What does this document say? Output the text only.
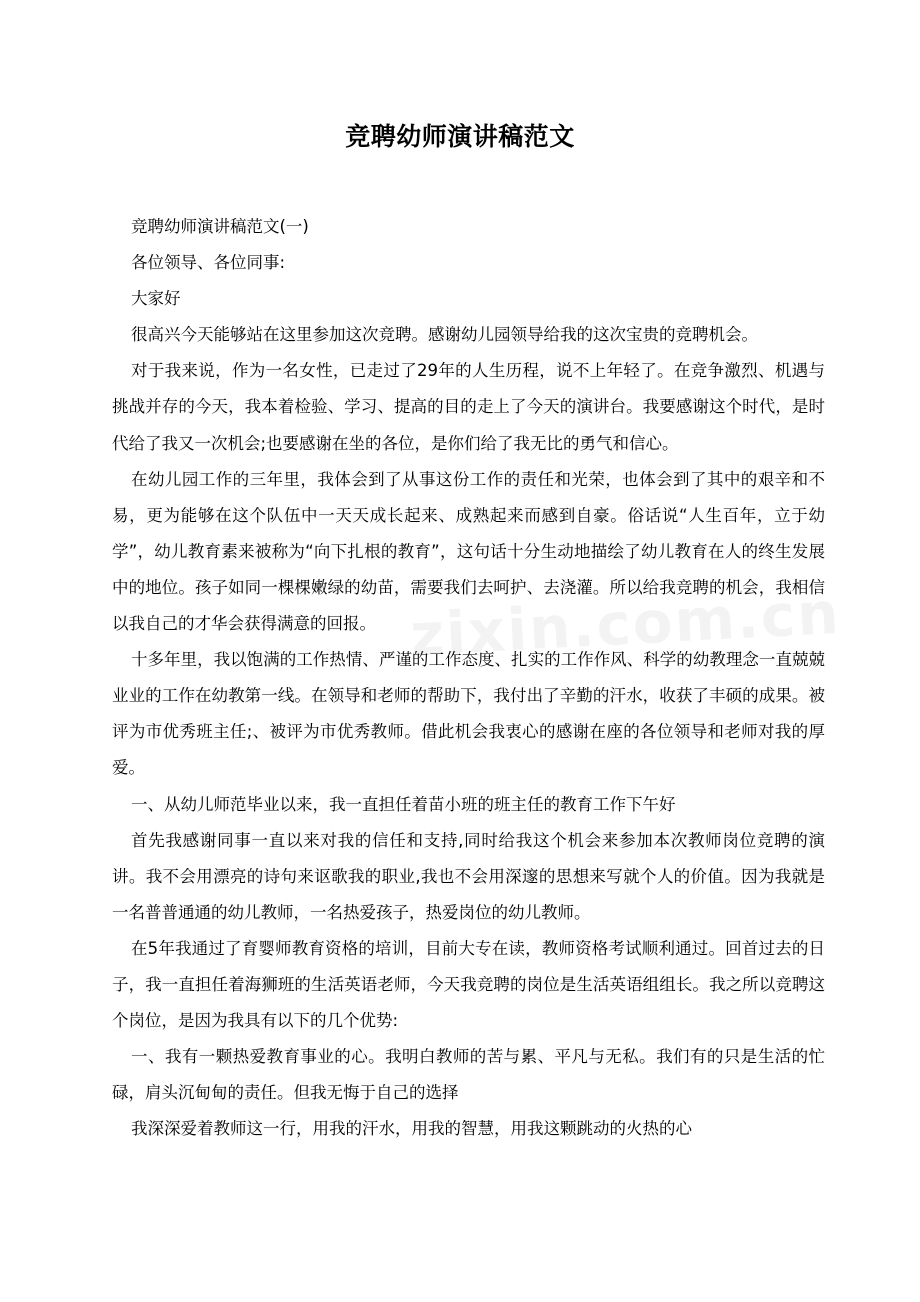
竞聘幼师演讲稿范文

竞聘幼师演讲稿范文(一)

各位领导、各位同事:

大家好

很高兴今天能够站在这里参加这次竞聘。感谢幼儿园领导给我的这次宝贵的竞聘机会。

对于我来说，作为一名女性，已走过了29年的人生历程，说不上年轻了。在竞争激烈、机遇与挑战并存的今天，我本着检验、学习、提高的目的走上了今天的演讲台。我要感谢这个时代，是时代给了我又一次机会;也要感谢在坐的各位，是你们给了我无比的勇气和信心。

在幼儿园工作的三年里，我体会到了从事这份工作的责任和光荣，也体会到了其中的艰辛和不易，更为能够在这个队伍中一天天成长起来、成熟起来而感到自豪。俗话说“人生百年，立于幼学”，幼儿教育素来被称为“向下扎根的教育”，这句话十分生动地描绘了幼儿教育在人的终生发展中的地位。孩子如同一棵棵嫩绿的幼苗，需要我们去呵护、去浇灌。所以给我竞聘的机会，我相信以我自己的才华会获得满意的回报。

十多年里，我以饱满的工作热情、严谨的工作态度、扎实的工作作风、科学的幼教理念一直兢兢业业的工作在幼教第一线。在领导和老师的帮助下，我付出了辛勤的汗水，收获了丰硕的成果。被评为市优秀班主任;、被评为市优秀教师。借此机会我衷心的感谢在座的各位领导和老师对我的厚爱。

一、从幼儿师范毕业以来，我一直担任着苗小班的班主任的教育工作下午好

首先我感谢同事一直以来对我的信任和支持,同时给我这个机会来参加本次教师岗位竞聘的演讲。我不会用漂亮的诗句来讴歌我的职业,我也不会用深邃的思想来写就个人的价值。因为我就是一名普普通通的幼儿教师，一名热爱孩子，热爱岗位的幼儿教师。

在5年我通过了育婴师教育资格的培训，目前大专在读，教师资格考试顺利通过。回首过去的日子，我一直担任着海狮班的生活英语老师，今天我竞聘的岗位是生活英语组组长。我之所以竞聘这个岗位，是因为我具有以下的几个优势:

一、我有一颗热爱教育事业的心。我明白教师的苦与累、平凡与无私。我们有的只是生活的忙碌，肩头沉甸甸的责任。但我无悔于自己的选择

我深深爱着教师这一行，用我的汗水，用我的智慧，用我这颗跳动的火热的心
